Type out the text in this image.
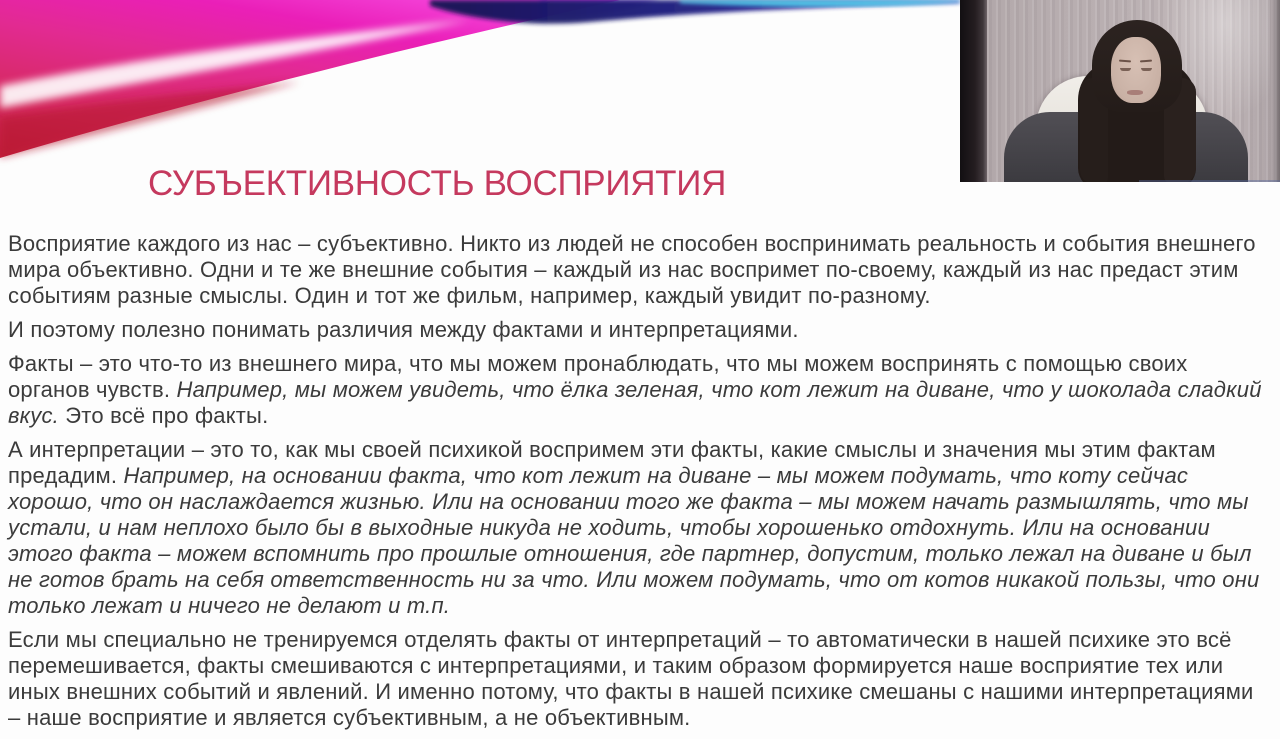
СУБЪЕКТИВНОСТЬ ВОСПРИЯТИЯ

Восприятие каждого из нас – субъективно. Никто из людей не способен воспринимать реальность и события внешнего мира объективно. Одни и те же внешние события – каждый из нас воспримет по-своему, каждый из нас предаст этим событиям разные смыслы. Один и тот же фильм, например, каждый увидит по-разному.

И поэтому полезно понимать различия между фактами и интерпретациями.

Факты – это что-то из внешнего мира, что мы можем пронаблюдать, что мы можем воспринять с помощью своих органов чувств. Например, мы можем увидеть, что ёлка зеленая, что кот лежит на диване, что у шоколада сладкий вкус. Это всё про факты.

А интерпретации – это то, как мы своей психикой воспримем эти факты, какие смыслы и значения мы этим фактам предадим. Например, на основании факта, что кот лежит на диване – мы можем подумать, что коту сейчас хорошо, что он наслаждается жизнью. Или на основании того же факта – мы можем начать размышлять, что мы устали, и нам неплохо было бы в выходные никуда не ходить, чтобы хорошенько отдохнуть. Или на основании этого факта – можем вспомнить про прошлые отношения, где партнер, допустим, только лежал на диване и был не готов брать на себя ответственность ни за что. Или можем подумать, что от котов никакой пользы, что они только лежат и ничего не делают и т.п.

Если мы специально не тренируемся отделять факты от интерпретаций – то автоматически в нашей психике это всё перемешивается, факты смешиваются с интерпретациями, и таким образом формируется наше восприятие тех или иных внешних событий и явлений. И именно потому, что факты в нашей психике смешаны с нашими интерпретациями – наше восприятие и является субъективным, а не объективным.
